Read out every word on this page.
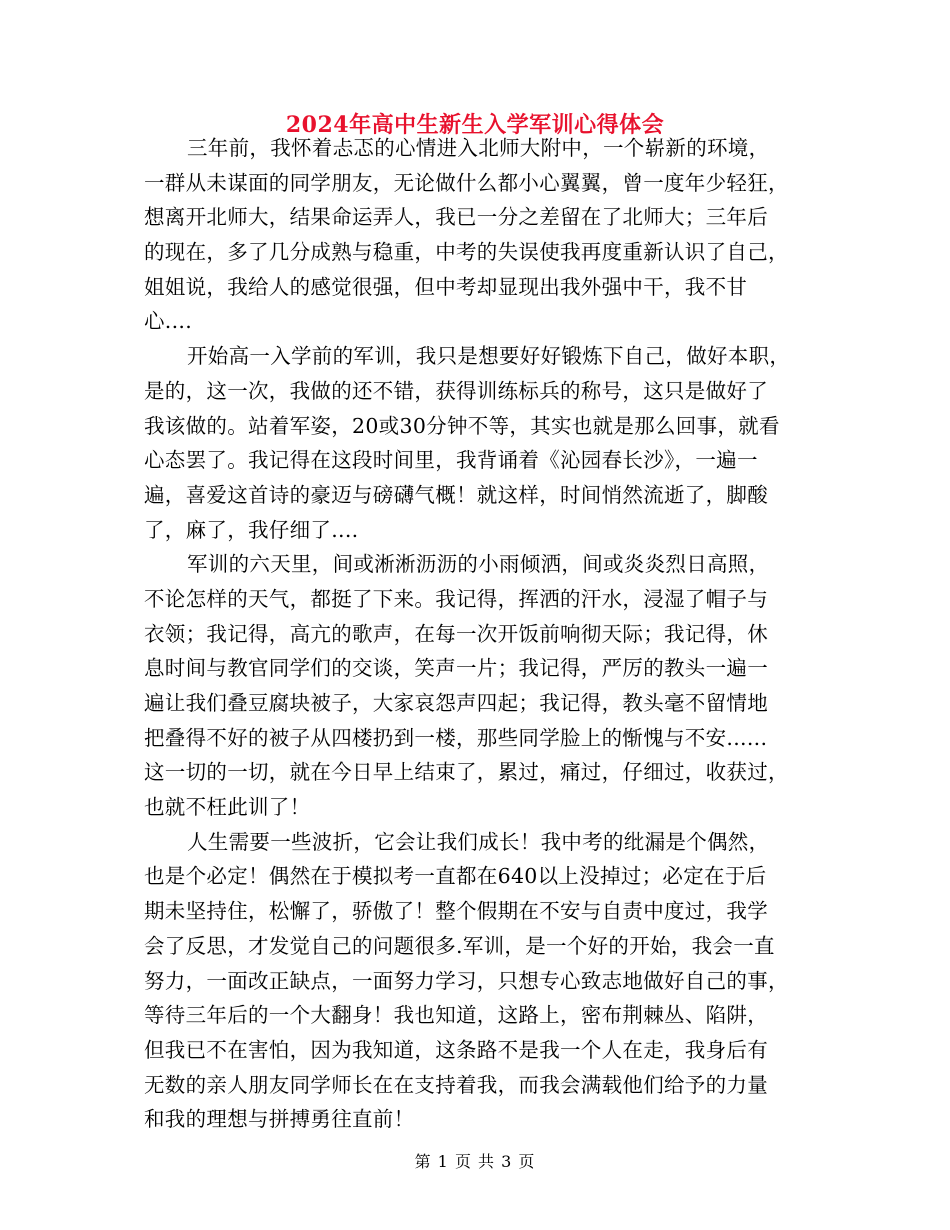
2024年高中生新生入学军训心得体会
三年前，我怀着忐忑的心情进入北师大附中，一个崭新的环境，
一群从未谋面的同学朋友，无论做什么都小心翼翼，曾一度年少轻狂，
想离开北师大，结果命运弄人，我已一分之差留在了北师大；三年后
的现在，多了几分成熟与稳重，中考的失误使我再度重新认识了自己，
姐姐说，我给人的感觉很强，但中考却显现出我外强中干，我不甘
心....
开始高一入学前的军训，我只是想要好好锻炼下自己，做好本职，
是的，这一次，我做的还不错，获得训练标兵的称号，这只是做好了
我该做的。站着军姿，20或30分钟不等，其实也就是那么回事，就看
心态罢了。我记得在这段时间里，我背诵着《沁园春长沙》，一遍一
遍，喜爱这首诗的豪迈与磅礴气概！就这样，时间悄然流逝了，脚酸
了，麻了，我仔细了....
军训的六天里，间或淅淅沥沥的小雨倾洒，间或炎炎烈日高照，
不论怎样的天气，都挺了下来。我记得，挥洒的汗水，浸湿了帽子与
衣领；我记得，高亢的歌声，在每一次开饭前响彻天际；我记得，休
息时间与教官同学们的交谈，笑声一片；我记得，严厉的教头一遍一
遍让我们叠豆腐块被子，大家哀怨声四起；我记得，教头毫不留情地
把叠得不好的被子从四楼扔到一楼，那些同学脸上的惭愧与不安......
这一切的一切，就在今日早上结束了，累过，痛过，仔细过，收获过，
也就不枉此训了！
人生需要一些波折，它会让我们成长！我中考的纰漏是个偶然，
也是个必定！偶然在于模拟考一直都在640以上没掉过；必定在于后
期未坚持住，松懈了，骄傲了！整个假期在不安与自责中度过，我学
会了反思，才发觉自己的问题很多.军训，是一个好的开始，我会一直
努力，一面改正缺点，一面努力学习，只想专心致志地做好自己的事，
等待三年后的一个大翻身！我也知道，这路上，密布荆棘丛、陷阱，
但我已不在害怕，因为我知道，这条路不是我一个人在走，我身后有
无数的亲人朋友同学师长在在支持着我，而我会满载他们给予的力量
和我的理想与拼搏勇往直前！
第 1 页 共 3 页
